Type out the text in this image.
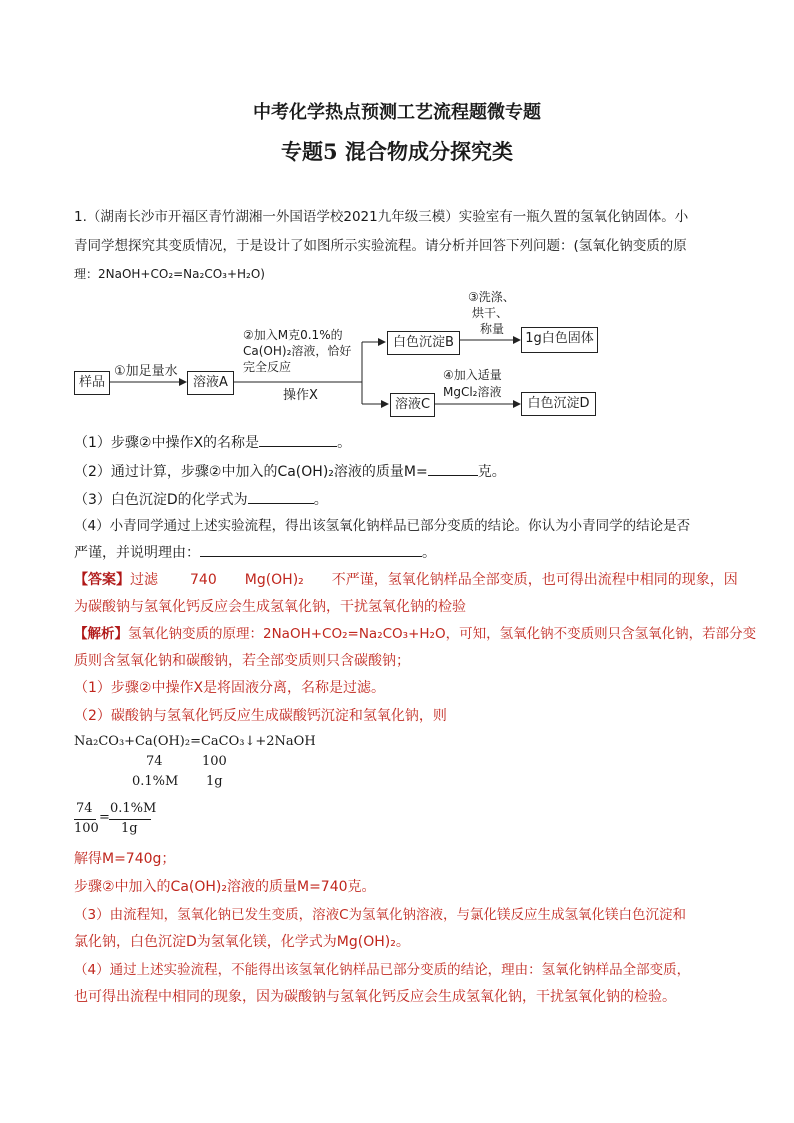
中考化学热点预测工艺流程题微专题
专题5 混合物成分探究类
1.（湖南长沙市开福区青竹湖湘一外国语学校2021九年级三模）实验室有一瓶久置的氢氧化钠固体。小
青同学想探究其变质情况，于是设计了如图所示实验流程。请分析并回答下列问题：(氢氧化钠变质的原
理：2NaOH+CO₂=Na₂CO₃+H₂O)
样品
①加足量水
溶液A
②加入M克0.1%的
Ca(OH)₂溶液，恰好
完全反应
操作X
白色沉淀B
③洗涤、
烘干、
称量
1g白色固体
溶液C
④加入适量
MgCl₂溶液
白色沉淀D
（1）步骤②中操作X的名称是	。
（2）通过计算，步骤②中加入的Ca(OH)₂溶液的质量M=	克。
（3）白色沉淀D的化学式为	。
（4）小青同学通过上述实验流程，得出该氢氧化钠样品已部分变质的结论。你认为小青同学的结论是否
严谨，并说明理由：	。
【答案】过滤 740 Mg(OH)₂ 不严谨，氢氧化钠样品全部变质，也可得出流程中相同的现象，因
为碳酸钠与氢氧化钙反应会生成氢氧化钠，干扰氢氧化钠的检验
【解析】氢氧化钠变质的原理：2NaOH+CO₂=Na₂CO₃+H₂O，可知，氢氧化钠不变质则只含氢氧化钠，若部分变
质则含氢氧化钠和碳酸钠，若全部变质则只含碳酸钠；
（1）步骤②中操作X是将固液分离，名称是过滤。
（2）碳酸钠与氢氧化钙反应生成碳酸钙沉淀和氢氧化钠，则
Na₂CO₃+Ca(OH)₂=CaCO₃↓+2NaOH
74	100
0.1%M 1g
74
100
=
0.1%M
1g
解得M=740g；
步骤②中加入的Ca(OH)₂溶液的质量M=740克。
（3）由流程知，氢氧化钠已发生变质，溶液C为氢氧化钠溶液，与氯化镁反应生成氢氧化镁白色沉淀和
氯化钠，白色沉淀D为氢氧化镁，化学式为Mg(OH)₂。
（4）通过上述实验流程，不能得出该氢氧化钠样品已部分变质的结论，理由：氢氧化钠样品全部变质，
也可得出流程中相同的现象，因为碳酸钠与氢氧化钙反应会生成氢氧化钠，干扰氢氧化钠的检验。
